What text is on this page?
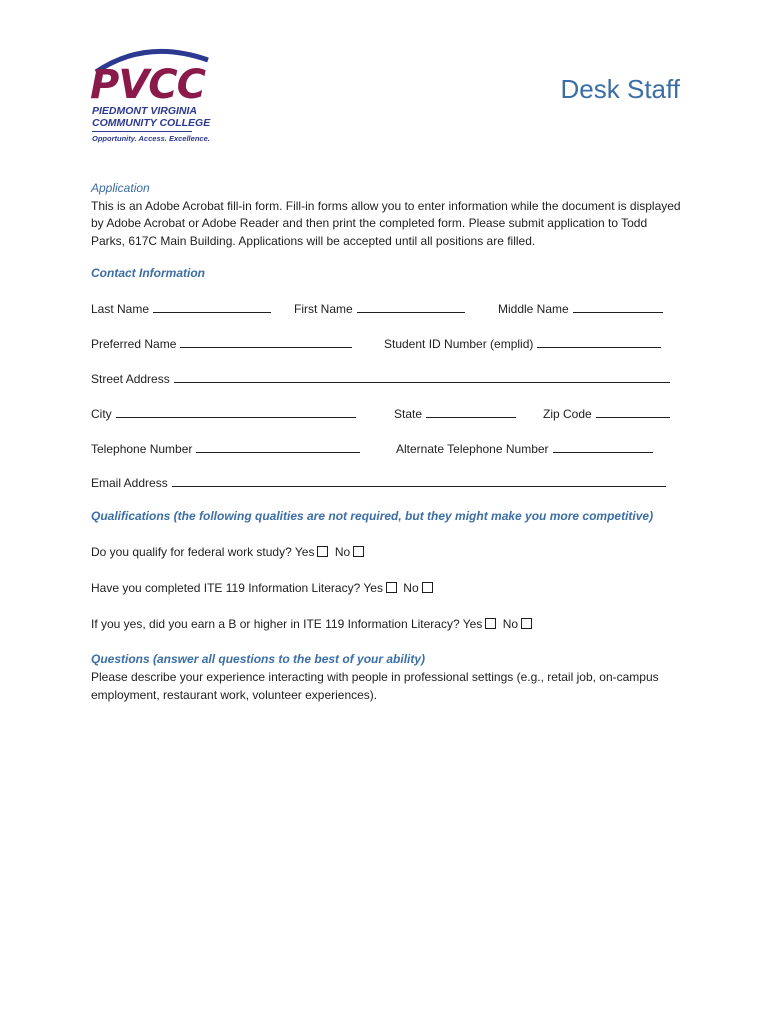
PVCC
PIEDMONT VIRGINIA
COMMUNITY COLLEGE
Opportunity. Access. Excellence.
Desk Staff
Application

This is an Adobe Acrobat fill-in form. Fill-in forms allow you to enter information while the document is displayed by Adobe Acrobat or Adobe Reader and then print the completed form. Please submit application to Todd Parks, 617C Main Building. Applications will be accepted until all positions are filled.

Contact Information
Last Name	First Name	Middle Name
Preferred Name	Student ID Number (emplid)
Street Address
City	State	Zip Code
Telephone Number	Alternate Telephone Number
Email Address
Qualifications (the following qualities are not required, but they might make you more competitive)
Do you qualify for federal work study? Yes No
Have you completed ITE 119 Information Literacy? Yes No
If you yes, did you earn a B or higher in ITE 119 Information Literacy? Yes No
Questions (answer all questions to the best of your ability)
Please describe your experience interacting with people in professional settings (e.g., retail job, on-campus employment, restaurant work, volunteer experiences).
